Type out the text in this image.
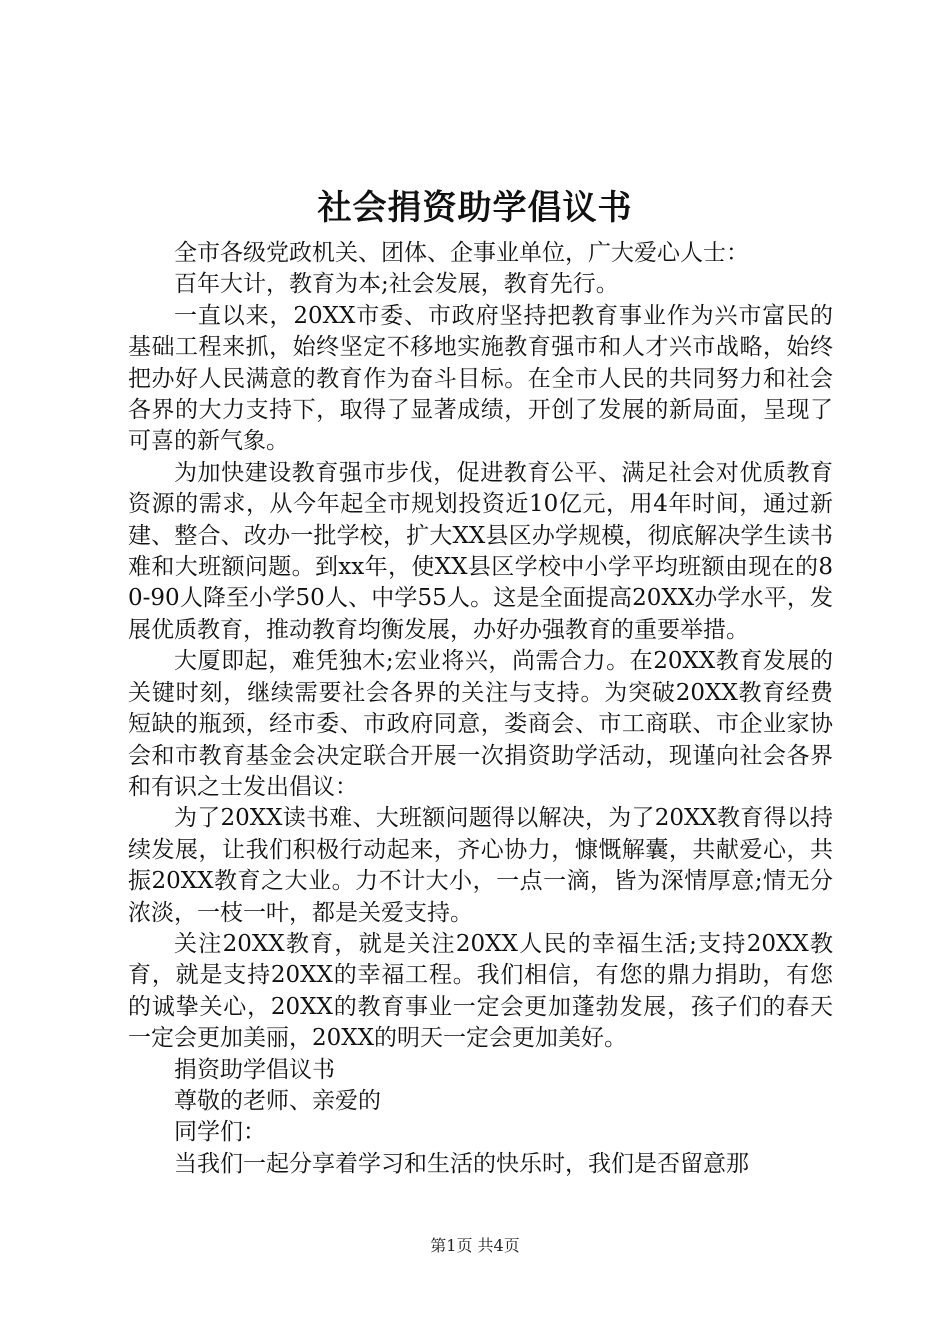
社会捐资助学倡议书

全市各级党政机关、团体、企事业单位，广大爱心人士：

百年大计，教育为本;社会发展，教育先行。

一直以来，20XX市委、市政府坚持把教育事业作为兴市富民的基础工程来抓，始终坚定不移地实施教育强市和人才兴市战略，始终把办好人民满意的教育作为奋斗目标。在全市人民的共同努力和社会各界的大力支持下，取得了显著成绩，开创了发展的新局面，呈现了可喜的新气象。

为加快建设教育强市步伐，促进教育公平、满足社会对优质教育资源的需求，从今年起全市规划投资近10亿元，用4年时间，通过新建、整合、改办一批学校，扩大XX县区办学规模，彻底解决学生读书难和大班额问题。到xx年，使XX县区学校中小学平均班额由现在的80-90人降至小学50人、中学55人。这是全面提高20XX办学水平，发展优质教育，推动教育均衡发展，办好办强教育的重要举措。

大厦即起，难凭独木;宏业将兴，尚需合力。在20XX教育发展的关键时刻，继续需要社会各界的关注与支持。为突破20XX教育经费短缺的瓶颈，经市委、市政府同意，娄商会、市工商联、市企业家协会和市教育基金会决定联合开展一次捐资助学活动，现谨向社会各界和有识之士发出倡议：

为了20XX读书难、大班额问题得以解决，为了20XX教育得以持续发展，让我们积极行动起来，齐心协力，慷慨解囊，共献爱心，共振20XX教育之大业。力不计大小，一点一滴，皆为深情厚意;情无分浓淡，一枝一叶，都是关爱支持。

关注20XX教育，就是关注20XX人民的幸福生活;支持20XX教育，就是支持20XX的幸福工程。我们相信，有您的鼎力捐助，有您的诚挚关心，20XX的教育事业一定会更加蓬勃发展，孩子们的春天一定会更加美丽，20XX的明天一定会更加美好。

捐资助学倡议书

尊敬的老师、亲爱的

同学们：

当我们一起分享着学习和生活的快乐时，我们是否留意那

第1页 共4页
